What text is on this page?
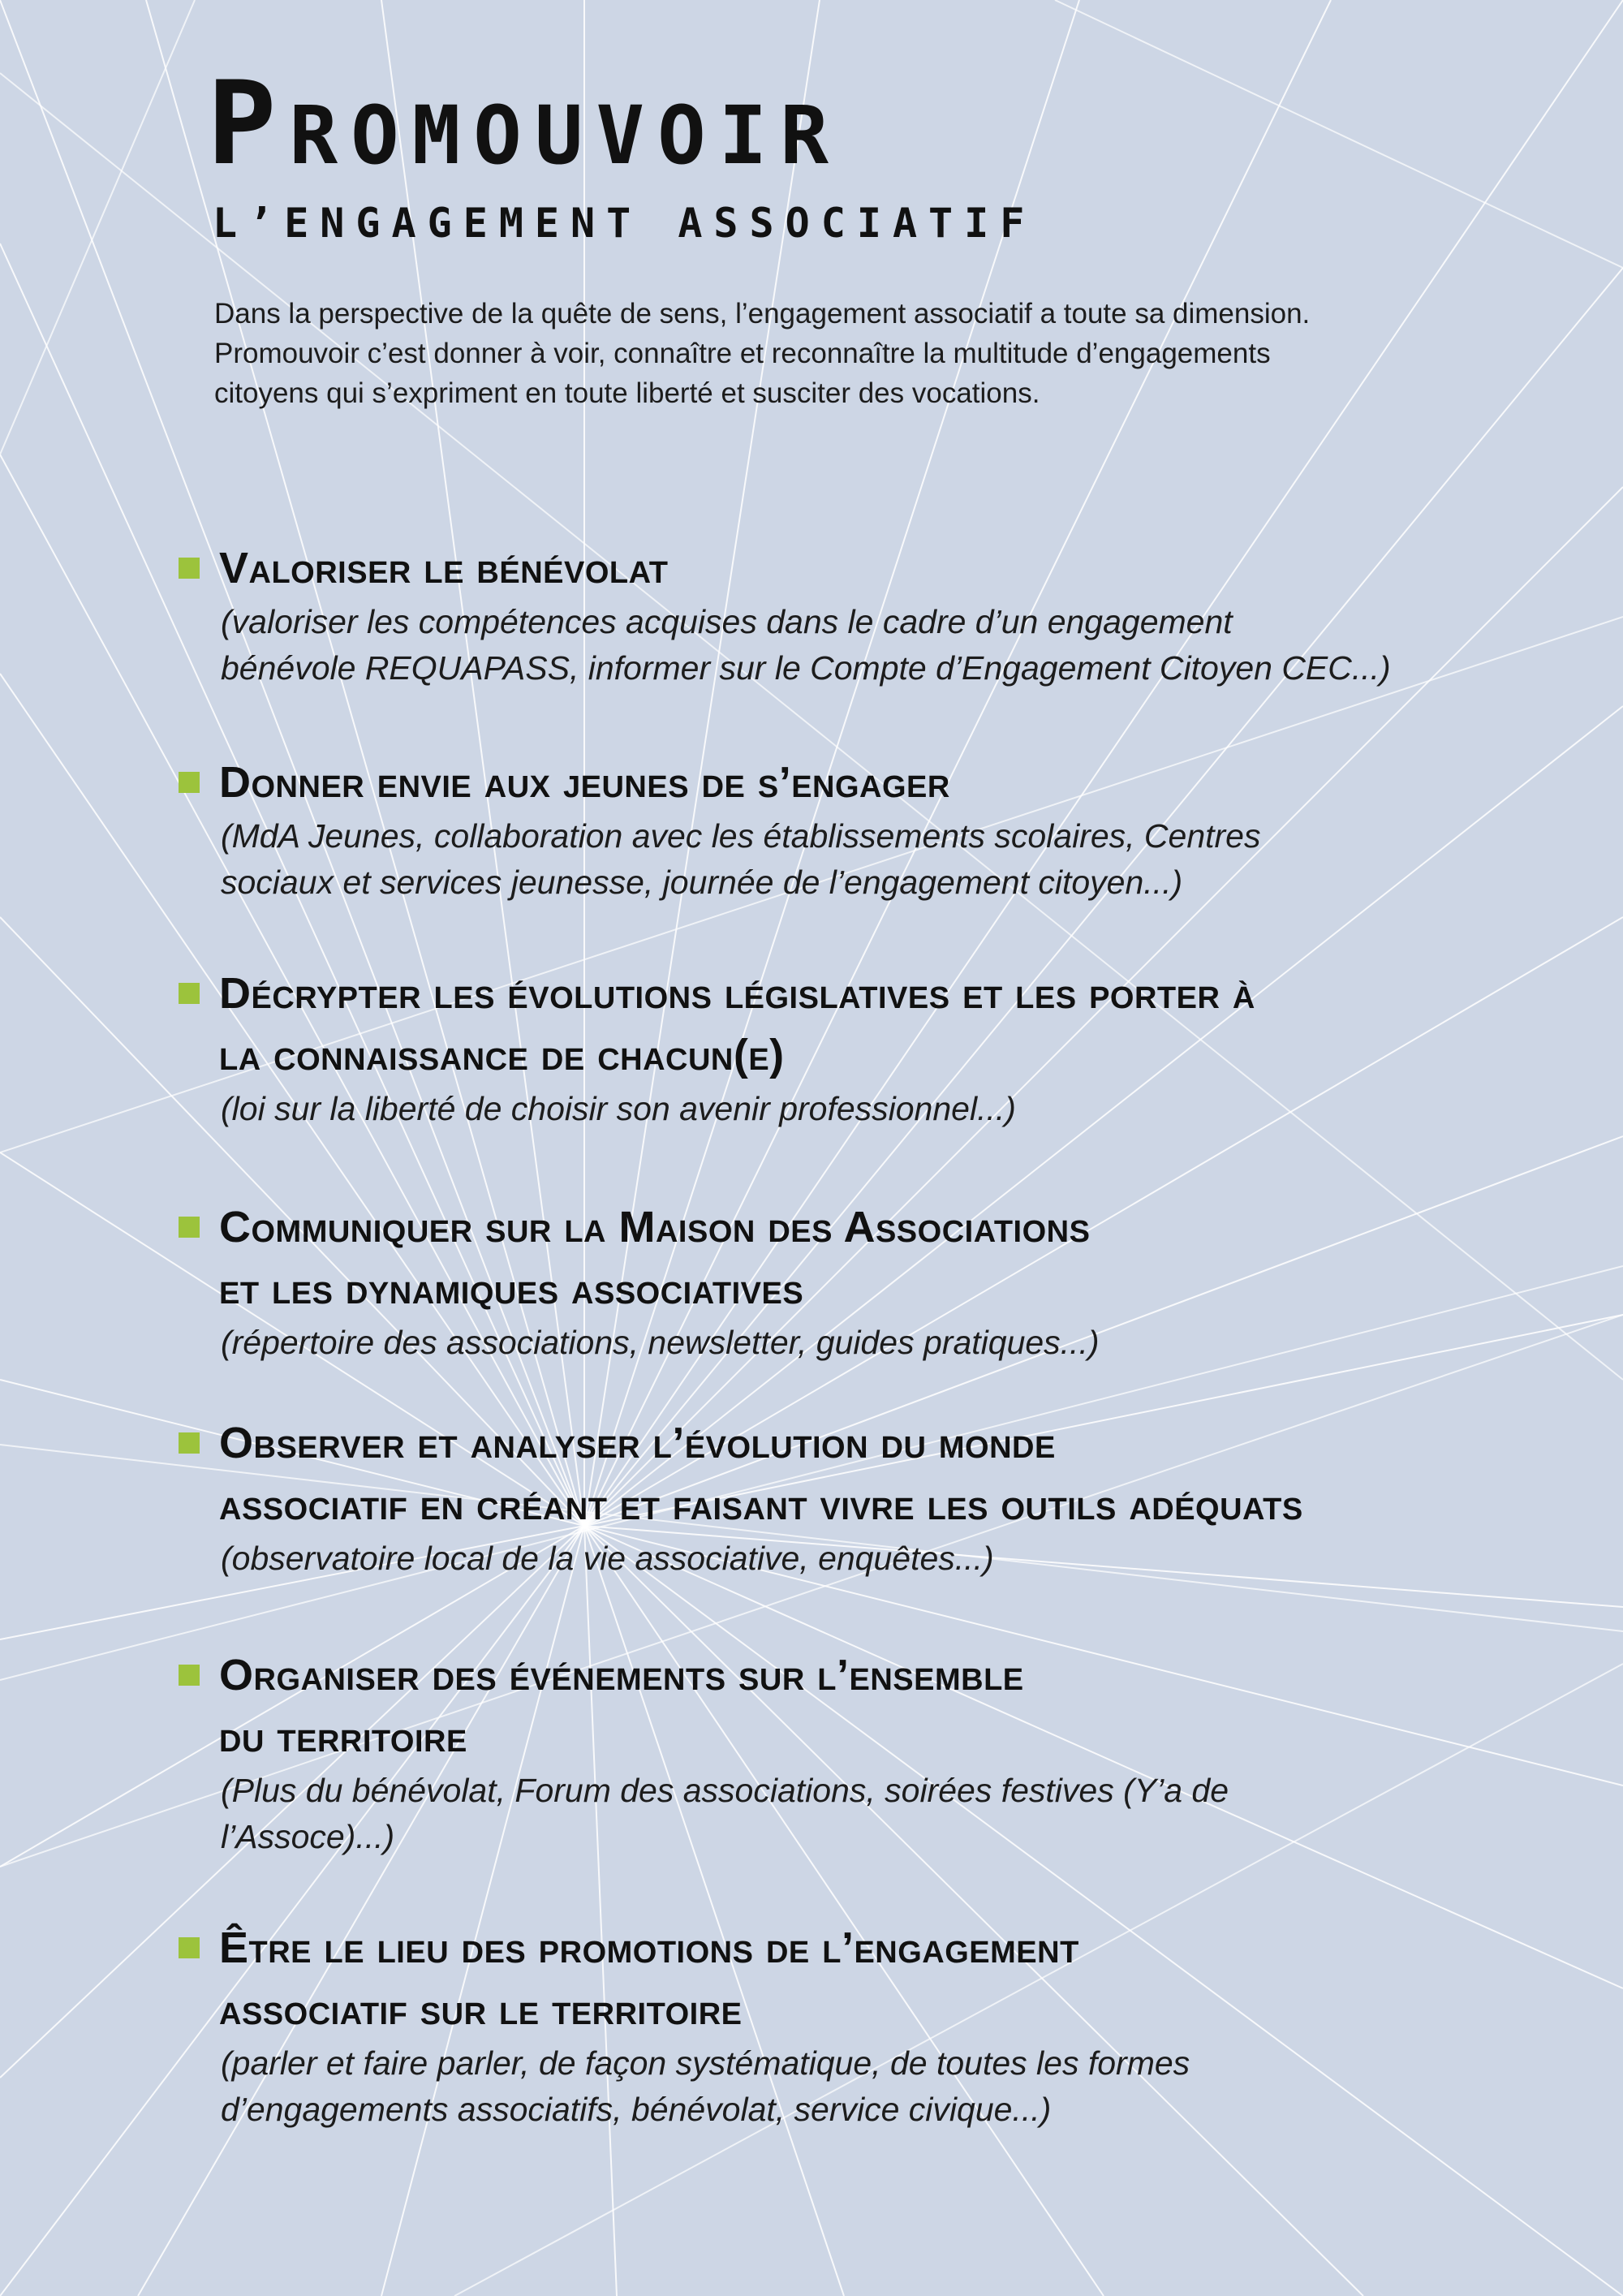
Promouvoir
L’ENGAGEMENT ASSOCIATIF

Dans la perspective de la quête de sens, l’engagement associatif a toute sa dimension.
Promouvoir c’est donner à voir, connaître et reconnaître la multitude d’engagements
citoyens qui s’expriment en toute liberté et susciter des vocations.

Valoriser le bénévolat

(valoriser les compétences acquises dans le cadre d’un engagement
bénévole REQUAPASS, informer sur le Compte d’Engagement Citoyen CEC...)

Donner envie aux jeunes de s’engager

(MdA Jeunes, collaboration avec les établissements scolaires, Centres
sociaux et services jeunesse, journée de l’engagement citoyen...)

Décrypter les évolutions législatives et les porter à
la connaissance de chacun(e)

(loi sur la liberté de choisir son avenir professionnel...)

Communiquer sur la Maison des Associations
et les dynamiques associatives

(répertoire des associations, newsletter, guides pratiques...)

Observer et analyser l’évolution du monde
associatif en créant et faisant vivre les outils adéquats

(observatoire local de la vie associative, enquêtes...)

Organiser des événements sur l’ensemble
du territoire

(Plus du bénévolat, Forum des associations, soirées festives (Y’a de
l’Assoce)...)

Être le lieu des promotions de l’engagement
associatif sur le territoire

(parler et faire parler, de façon systématique, de toutes les formes
d’engagements associatifs, bénévolat, service civique...)
